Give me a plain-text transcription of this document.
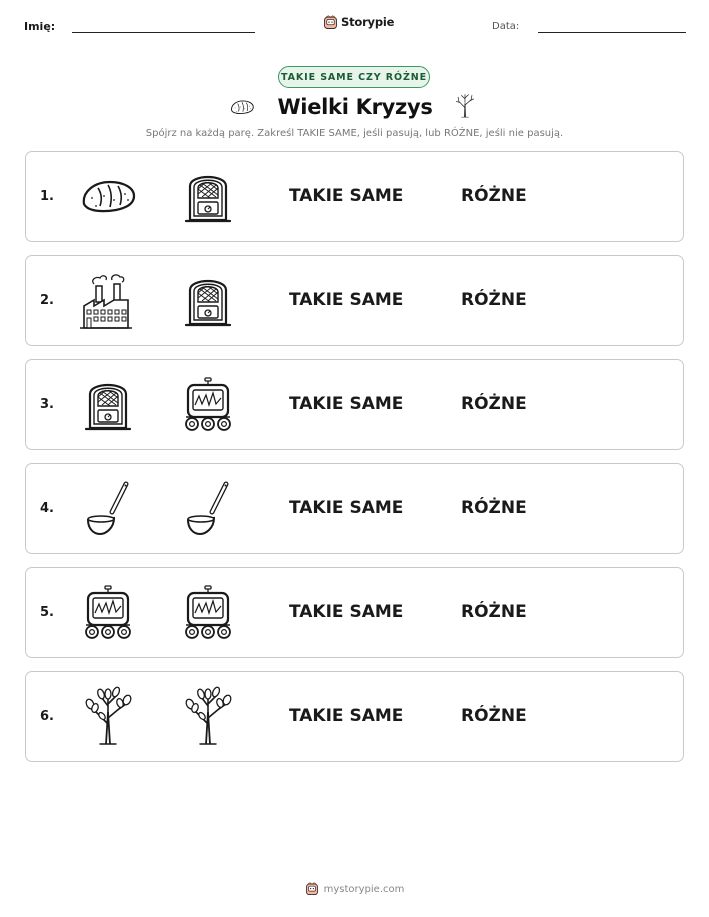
Imię:	Storypie	Data:
TAKIE SAME CZY RÓŻNE
Wielki Kryzys
Spójrz na każdą parę. Zakreśl TAKIE SAME, jeśli pasują, lub RÓŻNE, jeśli nie pasują.
1.	TAKIE SAME	RÓŻNE
2.	TAKIE SAME	RÓŻNE
3.	TAKIE SAME	RÓŻNE
4.	TAKIE SAME	RÓŻNE
5.	TAKIE SAME	RÓŻNE
6.	TAKIE SAME	RÓŻNE
mystorypie.com
